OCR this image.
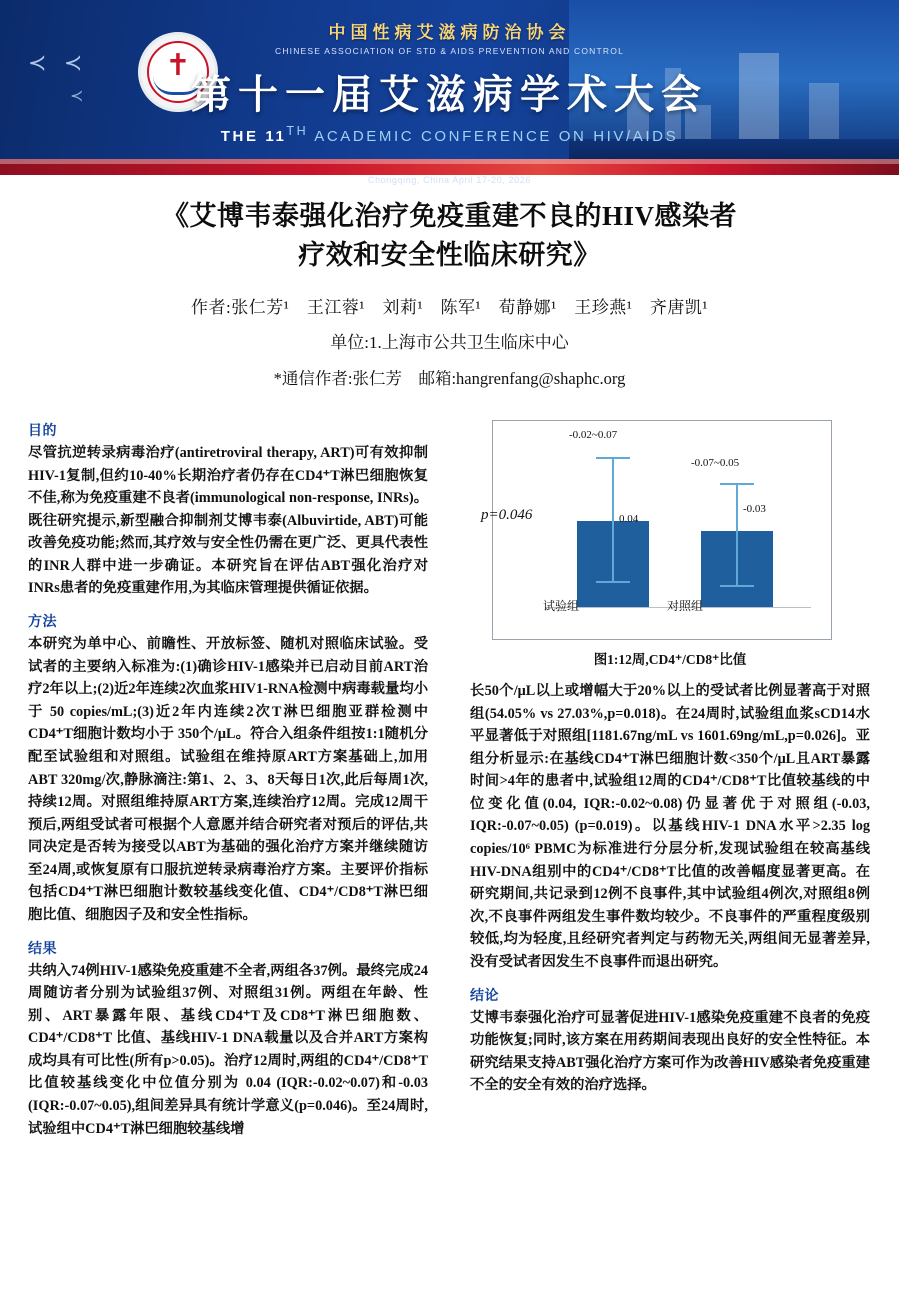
≺ ≺
≺
✝
中国性病艾滋病防治协会
CHINESE ASSOCIATION OF STD & AIDS PREVENTION AND CONTROL
第十一届艾滋病学术大会
THE 11TH ACADEMIC CONFERENCE ON HIV/AIDS
Chongqing, China April 17-20, 2026
《艾博韦泰强化治疗免疫重建不良的HIV感染者
疗效和安全性临床研究》
作者:张仁芳¹　王江蓉¹　刘莉¹　陈军¹　荀静娜¹　王珍燕¹　齐唐凯¹
单位:1.上海市公共卫生临床中心
*通信作者:张仁芳　邮箱:hangrenfang@shaphc.org
目的
尽管抗逆转录病毒治疗(antiretroviral therapy, ART)可有效抑制HIV-1复制,但约10-40%长期治疗者仍存在CD4⁺T淋巴细胞恢复不佳,称为免疫重建不良者(immunological non-response, INRs)。既往研究提示,新型融合抑制剂艾博韦泰(Albuvirtide, ABT)可能改善免疫功能;然而,其疗效与安全性仍需在更广泛、更具代表性的INR人群中进一步确证。本研究旨在评估ABT强化治疗对INRs患者的免疫重建作用,为其临床管理提供循证依据。
方法
本研究为单中心、前瞻性、开放标签、随机对照临床试验。受试者的主要纳入标准为:(1)确诊HIV-1感染并已启动目前ART治疗2年以上;(2)近2年连续2次血浆HIV1-RNA检测中病毒载量均小于 50 copies/mL;(3)近2年内连续2次T淋巴细胞亚群检测中CD4⁺T细胞计数均小于 350个/μL。符合入组条件组按1:1随机分配至试验组和对照组。试验组在维持原ART方案基础上,加用ABT 320mg/次,静脉滴注:第1、2、3、8天每日1次,此后每周1次,持续12周。对照组维持原ART方案,连续治疗12周。完成12周干预后,两组受试者可根据个人意愿并结合研究者对预后的评估,共同决定是否转为接受以ABT为基础的强化治疗方案并继续随访至24周,或恢复原有口服抗逆转录病毒治疗方案。主要评价指标包括CD4⁺T淋巴细胞计数较基线变化值、CD4⁺/CD8⁺T淋巴细胞比值、细胞因子及和安全性指标。
结果
共纳入74例HIV-1感染免疫重建不全者,两组各37例。最终完成24周随访者分别为试验组37例、对照组31例。两组在年龄、性别、ART暴露年限、基线CD4⁺T及CD8⁺T淋巴细胞数、CD4⁺/CD8⁺T 比值、基线HIV-1 DNA载量以及合并ART方案构成均具有可比性(所有p>0.05)。治疗12周时,两组的CD4⁺/CD8⁺T 比值较基线变化中位值分别为 0.04 (IQR:-0.02~0.07)和-0.03 (IQR:-0.07~0.05),组间差异具有统计学意义(p=0.046)。至24周时,试验组中CD4⁺T淋巴细胞较基线增
p=0.046
-0.02~0.07
0.04
-0.07~0.05
-0.03
试验组	对照组
图1:12周,CD4⁺/CD8⁺比值
长50个/μL以上或增幅大于20%以上的受试者比例显著高于对照组(54.05% vs 27.03%,p=0.018)。在24周时,试验组血浆sCD14水平显著低于对照组[1181.67ng/mL vs 1601.69ng/mL,p=0.026]。亚组分析显示:在基线CD4⁺T淋巴细胞计数<350个/μL且ART暴露时间>4年的患者中,试验组12周的CD4⁺/CD8⁺T比值较基线的中位变化值(0.04, IQR:-0.02~0.08)仍显著优于对照组(-0.03, IQR:-0.07~0.05) (p=0.019)。以基线HIV-1 DNA水平>2.35 log copies/10⁶ PBMC为标准进行分层分析,发现试验组在较高基线HIV-DNA组别中的CD4⁺/CD8⁺T比值的改善幅度显著更高。在研究期间,共记录到12例不良事件,其中试验组4例次,对照组8例次,不良事件两组发生事件数均较少。不良事件的严重程度级别较低,均为轻度,且经研究者判定与药物无关,两组间无显著差异,没有受试者因发生不良事件而退出研究。
结论
艾博韦泰强化治疗可显著促进HIV-1感染免疫重建不良者的免疫功能恢复;同时,该方案在用药期间表现出良好的安全性特征。本研究结果支持ABT强化治疗方案可作为改善HIV感染者免疫重建不全的安全有效的治疗选择。
